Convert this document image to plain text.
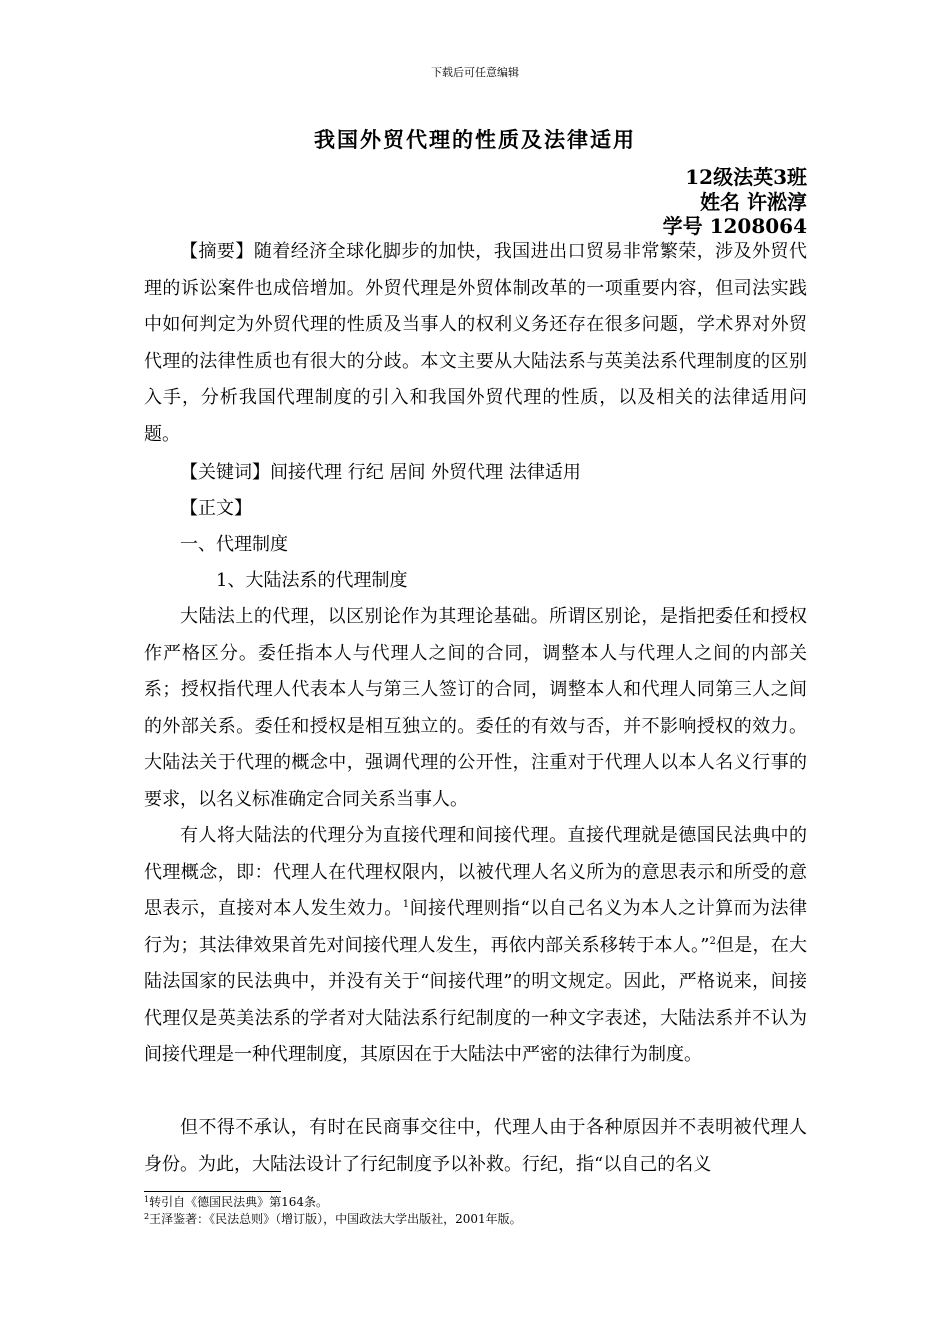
下载后可任意编辑
我国外贸代理的性质及法律适用
12级法英3班
姓名 许淞淳
学号 1208064

【摘要】随着经济全球化脚步的加快，我国进出口贸易非常繁荣，涉及外贸代理的诉讼案件也成倍增加。外贸代理是外贸体制改革的一项重要内容，但司法实践中如何判定为外贸代理的性质及当事人的权利义务还存在很多问题，学术界对外贸代理的法律性质也有很大的分歧。本文主要从大陆法系与英美法系代理制度的区别入手，分析我国代理制度的引入和我国外贸代理的性质，以及相关的法律适用问题。

【关键词】间接代理 行纪 居间 外贸代理 法律适用

【正文】

一、代理制度

1、大陆法系的代理制度

大陆法上的代理，以区别论作为其理论基础。所谓区别论，是指把委任和授权作严格区分。委任指本人与代理人之间的合同，调整本人与代理人之间的内部关系；授权指代理人代表本人与第三人签订的合同，调整本人和代理人同第三人之间的外部关系。委任和授权是相互独立的。委任的有效与否，并不影响授权的效力。大陆法关于代理的概念中，强调代理的公开性，注重对于代理人以本人名义行事的要求，以名义标准确定合同关系当事人。

有人将大陆法的代理分为直接代理和间接代理。直接代理就是德国民法典中的代理概念，即：代理人在代理权限内，以被代理人名义所为的意思表示和所受的意思表示，直接对本人发生效力。$^1$间接代理则指“以自己名义为本人之计算而为法律行为；其法律效果首先对间接代理人发生，再依内部关系移转于本人。”$^2$但是，在大陆法国家的民法典中，并没有关于“间接代理”的明文规定。因此，严格说来，间接代理仅是英美法系的学者对大陆法系行纪制度的一种文字表述，大陆法系并不认为间接代理是一种代理制度，其原因在于大陆法中严密的法律行为制度。

但不得不承认，有时在民商事交往中，代理人由于各种原因并不表明被代理人身份。为此，大陆法设计了行纪制度予以补救。行纪，指“以自己的名义

$^1$转引自《德国民法典》第164条。
$^2$王泽鉴著：《民法总则》（增订版），中国政法大学出版社，2001年版。
